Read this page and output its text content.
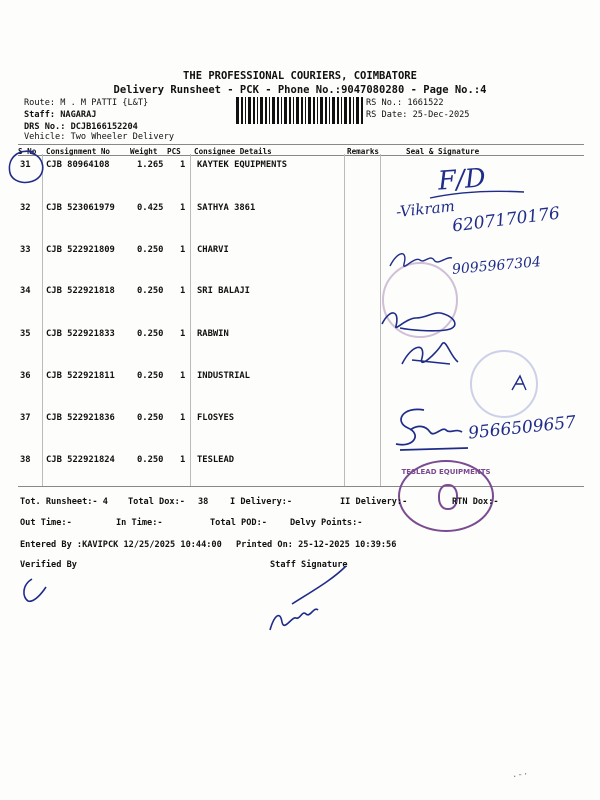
THE PROFESSIONAL COURIERS, COIMBATORE
Delivery Runsheet - PCK - Phone No.:9047080280 - Page No.:4
Route: M . M PATTI {L&T}
Staff: NAGARAJ
DRS No.: DCJB166152204
Vehicle: Two Wheeler Delivery
RS No.: 1661522
RS Date: 25-Dec-2025
S No Consignment No	Weight PCS Consignee Details	Remarks	Seal & Signature
31 CJB 80964108	1.265 1 KAYTEK EQUIPMENTS
32 CJB 523061979	0.425 1 SATHYA 3861
33 CJB 522921809	0.250 1 CHARVI
34 CJB 522921818	0.250 1 SRI BALAJI
35 CJB 522921833	0.250 1 RABWIN
36 CJB 522921811	0.250 1 INDUSTRIAL
37 CJB 522921836	0.250 1 FLOSYES
38 CJB 522921824	0.250 1 TESLEAD
TESLEAD EQUIPMENTS
F/D
-Vikram
6207170176
9095967304
9566509657
Tot. Runsheet:- 4 Total Dox:- 38	I Delivery:-	II Delivery:-	RTN Dox:-
Out Time:-	In Time:-	Total POD:-	Delvy Points:-
Entered By :KAVIPCK 12/25/2025 10:44:00 Printed On: 25-12-2025 10:39:56
Verified By	Staff Signature
.-·
